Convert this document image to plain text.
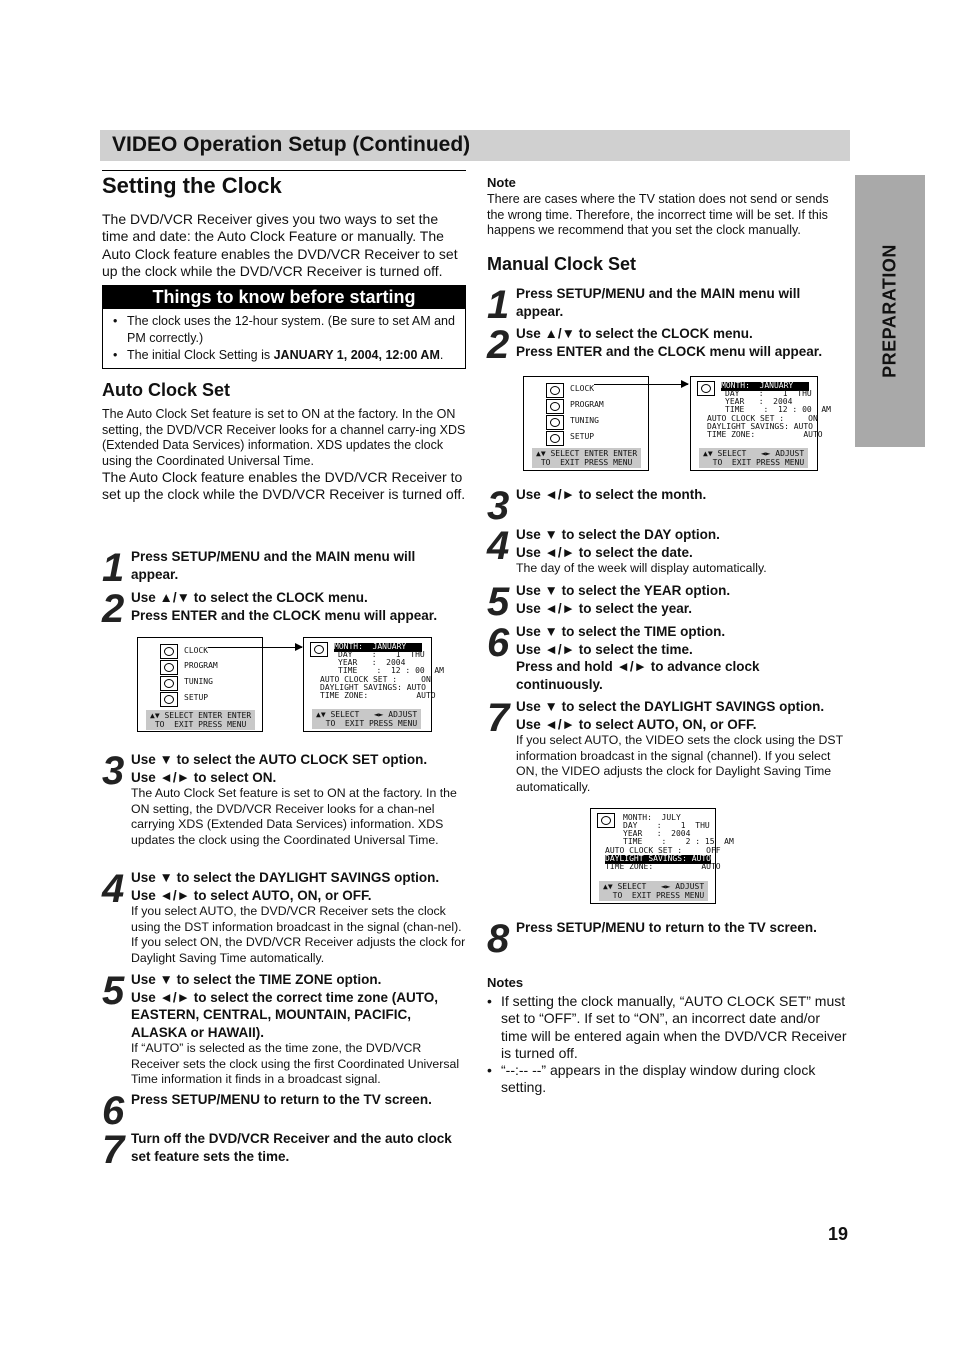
VIDEO Operation Setup (Continued)
PREPARATION
Setting the Clock

The DVD/VCR Receiver gives you two ways to set the time and date: the Auto Clock Feature or manually. The Auto Clock feature enables the DVD/VCR Receiver to set up the clock while the DVD/VCR Receiver is turned off.

Things to know before starting
• The clock uses the 12-hour system. (Be sure to set AM and PM correctly.)
• The initial Clock Setting is JANUARY 1, 2004, 12:00 AM.
Auto Clock Set

The Auto Clock Set feature is set to ON at the factory. In the ON setting, the DVD/VCR Receiver looks for a channel carry-ing XDS (Extended Data Services) information. XDS updates the clock using the Coordinated Universal Time.

The Auto Clock feature enables the DVD/VCR Receiver to set up the clock while the DVD/VCR Receiver is turned off.

1 Press SETUP/MENU and the MAIN menu will appear.
2 Use ▲/▼ to select the CLOCK menu.
Press ENTER and the CLOCK menu will appear.
CLOCK
PROGRAM
TUNING
SETUP
▲▼ SELECT ENTER ENTER
TO  EXIT PRESS MENU
MONTH:  JANUARY
DAY    :    1  THU
YEAR   :  2004
TIME    :  12 : 00  AM
AUTO CLOCK SET :     ON
DAYLIGHT SAVINGS: AUTO
TIME ZONE:          AUTO
▲▼ SELECT   ◄► ADJUST
TO  EXIT PRESS MENU
3 Use ▼ to select the AUTO CLOCK SET option.
Use ◄/► to select ON.
The Auto Clock Set feature is set to ON at the factory. In the ON setting, the DVD/VCR Receiver looks for a chan-nel carrying XDS (Extended Data Services) information. XDS updates the clock using the Coordinated Universal Time.
4 Use ▼ to select the DAYLIGHT SAVINGS option.
Use ◄/► to select AUTO, ON, or OFF.
If you select AUTO, the DVD/VCR Receiver sets the clock using the DST information broadcast in the signal (chan-nel). If you select ON, the DVD/VCR Receiver adjusts the clock for Daylight Saving Time automatically.
5 Use ▼ to select the TIME ZONE option.
Use ◄/► to select the correct time zone (AUTO, EASTERN, CENTRAL, MOUNTAIN, PACIFIC, ALASKA or HAWAII).
If “AUTO” is selected as the time zone, the DVD/VCR Receiver sets the clock using the first Coordinated Universal Time information it finds in a broadcast signal.
6 Press SETUP/MENU to return to the TV screen.
7 Turn off the DVD/VCR Receiver and the auto clock set feature sets the time.
Note

There are cases where the TV station does not send or sends the wrong time. Therefore, the incorrect time will be set. If this happens we recommend that you set the clock manually.

Manual Clock Set
1 Press SETUP/MENU and the MAIN menu will appear.
2 Use ▲/▼ to select the CLOCK menu.
Press ENTER and the CLOCK menu will appear.
CLOCK
PROGRAM
TUNING
SETUP
▲▼ SELECT ENTER ENTER
TO  EXIT PRESS MENU
MONTH:  JANUARY
DAY    :    1  THU
YEAR   :  2004
TIME    :  12 : 00  AM
AUTO CLOCK SET :     ON
DAYLIGHT SAVINGS: AUTO
TIME ZONE:          AUTO
▲▼ SELECT   ◄► ADJUST
TO  EXIT PRESS MENU
3 Use ◄/► to select the month.
4 Use ▼ to select the DAY option.
Use ◄/► to select the date.
The day of the week will display automatically.
5 Use ▼ to select the YEAR option.
Use ◄/► to select the year.
6 Use ▼ to select the TIME option.
Use ◄/► to select the time.
Press and hold ◄/► to advance clock continuously.
7 Use ▼ to select the DAYLIGHT SAVINGS option.
Use ◄/► to select AUTO, ON, or OFF.
If you select AUTO, the VIDEO sets the clock using the DST information broadcast in the signal (channel). If you select ON, the VIDEO adjusts the clock for Daylight Saving Time automatically.
MONTH:  JULY
DAY    :    1  THU
YEAR   :  2004
TIME    :    2 : 15  AM
AUTO CLOCK SET :     OFF
DAYLIGHT SAVINGS: AUTO
TIME ZONE:          AUTO
▲▼ SELECT   ◄► ADJUST
TO  EXIT PRESS MENU
8 Press SETUP/MENU to return to the TV screen.
Notes
• If setting the clock manually, “AUTO CLOCK SET” must set to “OFF”. If set to “ON”, an incorrect date and/or time will be entered again when the DVD/VCR Receiver is turned off.
• “--:-- --” appears in the display window during clock setting.
19
